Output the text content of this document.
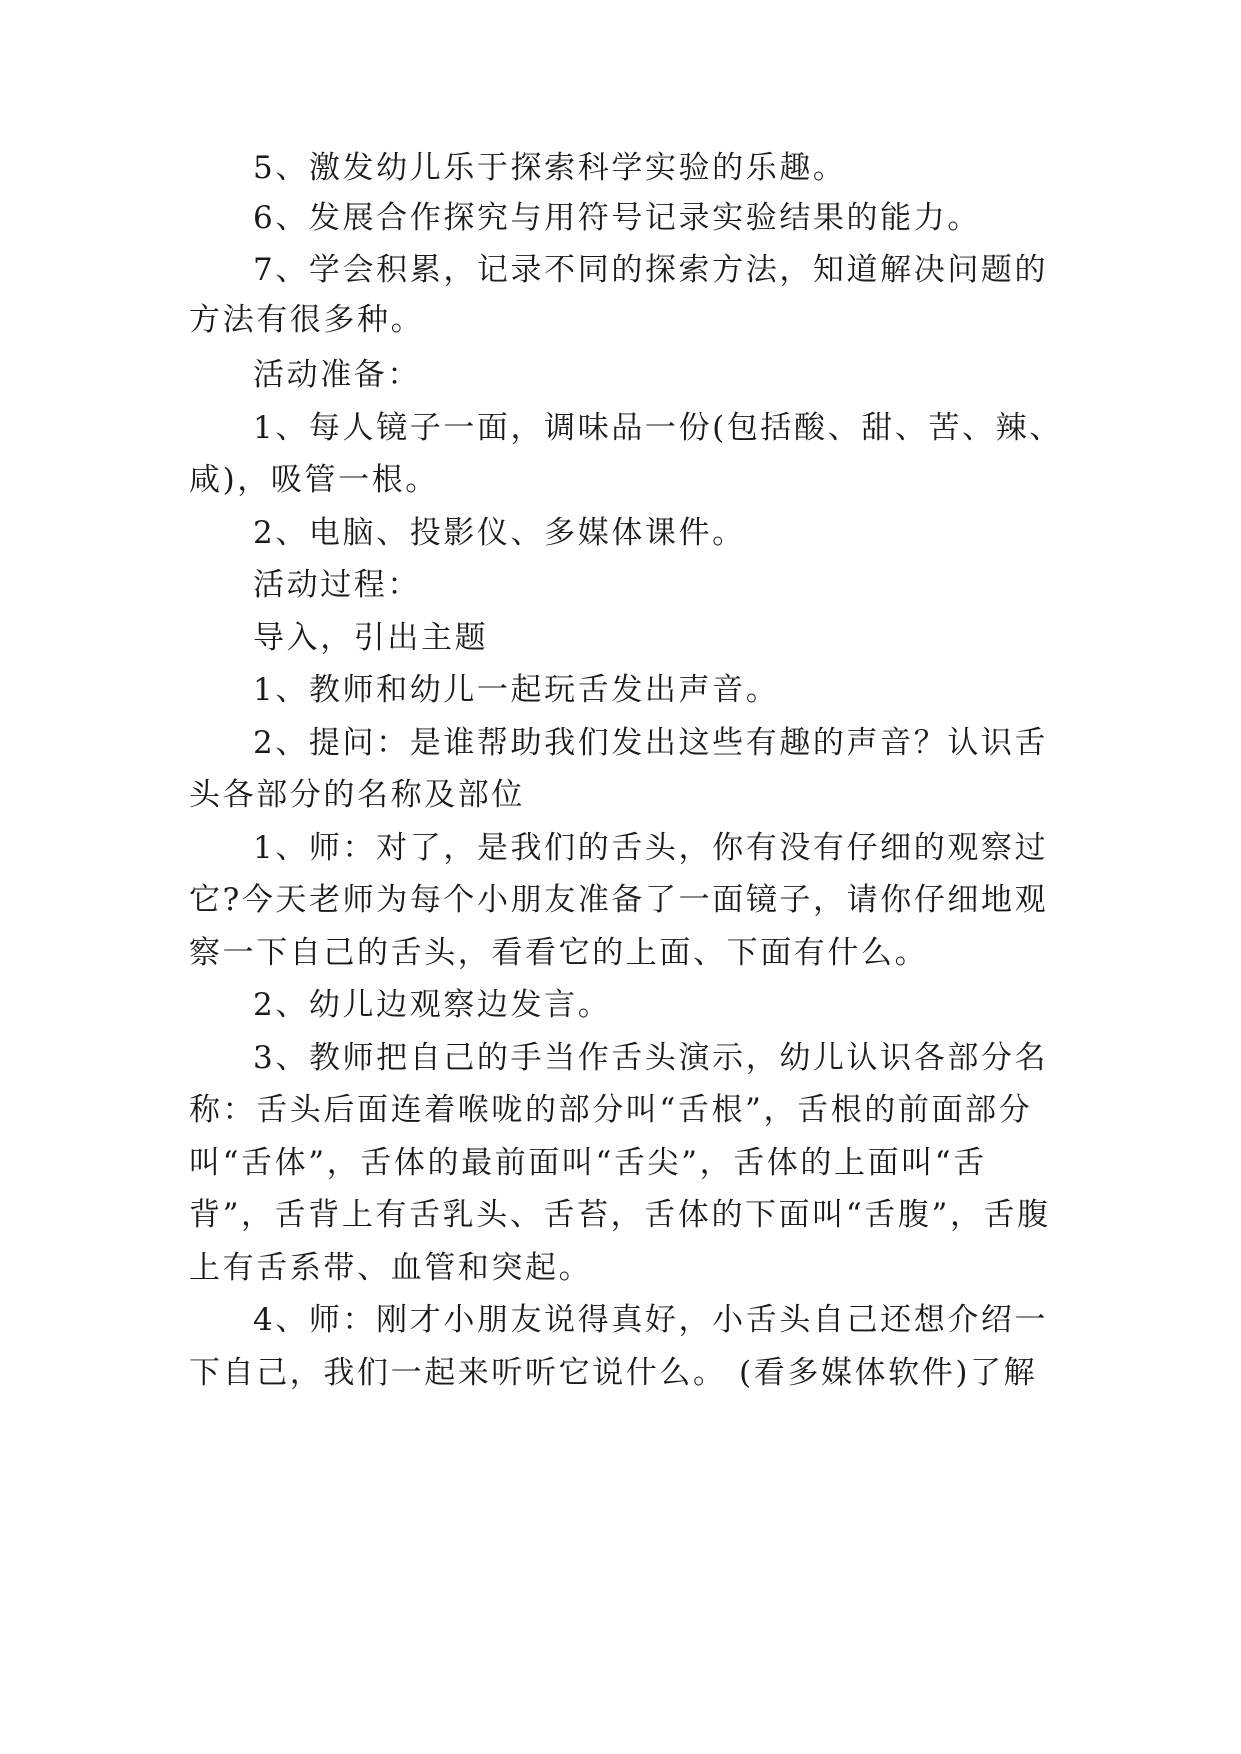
5、激发幼儿乐于探索科学实验的乐趣。
6、发展合作探究与用符号记录实验结果的能力。
7、学会积累，记录不同的探索方法，知道解决问题的
方法有很多种。
活动准备：
1、每人镜子一面，调味品一份(包括酸、甜、苦、辣、
咸)，吸管一根。
2、电脑、投影仪、多媒体课件。
活动过程：
导入，引出主题
1、教师和幼儿一起玩舌发出声音。
2、提问：是谁帮助我们发出这些有趣的声音？认识舌
头各部分的名称及部位
1、师：对了，是我们的舌头，你有没有仔细的观察过
它?今天老师为每个小朋友准备了一面镜子，请你仔细地观
察一下自己的舌头，看看它的上面、下面有什么。
2、幼儿边观察边发言。
3、教师把自己的手当作舌头演示，幼儿认识各部分名
称：舌头后面连着喉咙的部分叫“舌根”，舌根的前面部分
叫“舌体”，舌体的最前面叫“舌尖”，舌体的上面叫“舌
背”，舌背上有舌乳头、舌苔，舌体的下面叫“舌腹”，舌腹
上有舌系带、血管和突起。
4、师：刚才小朋友说得真好，小舌头自己还想介绍一
下自己，我们一起来听听它说什么。 (看多媒体软件)了解
